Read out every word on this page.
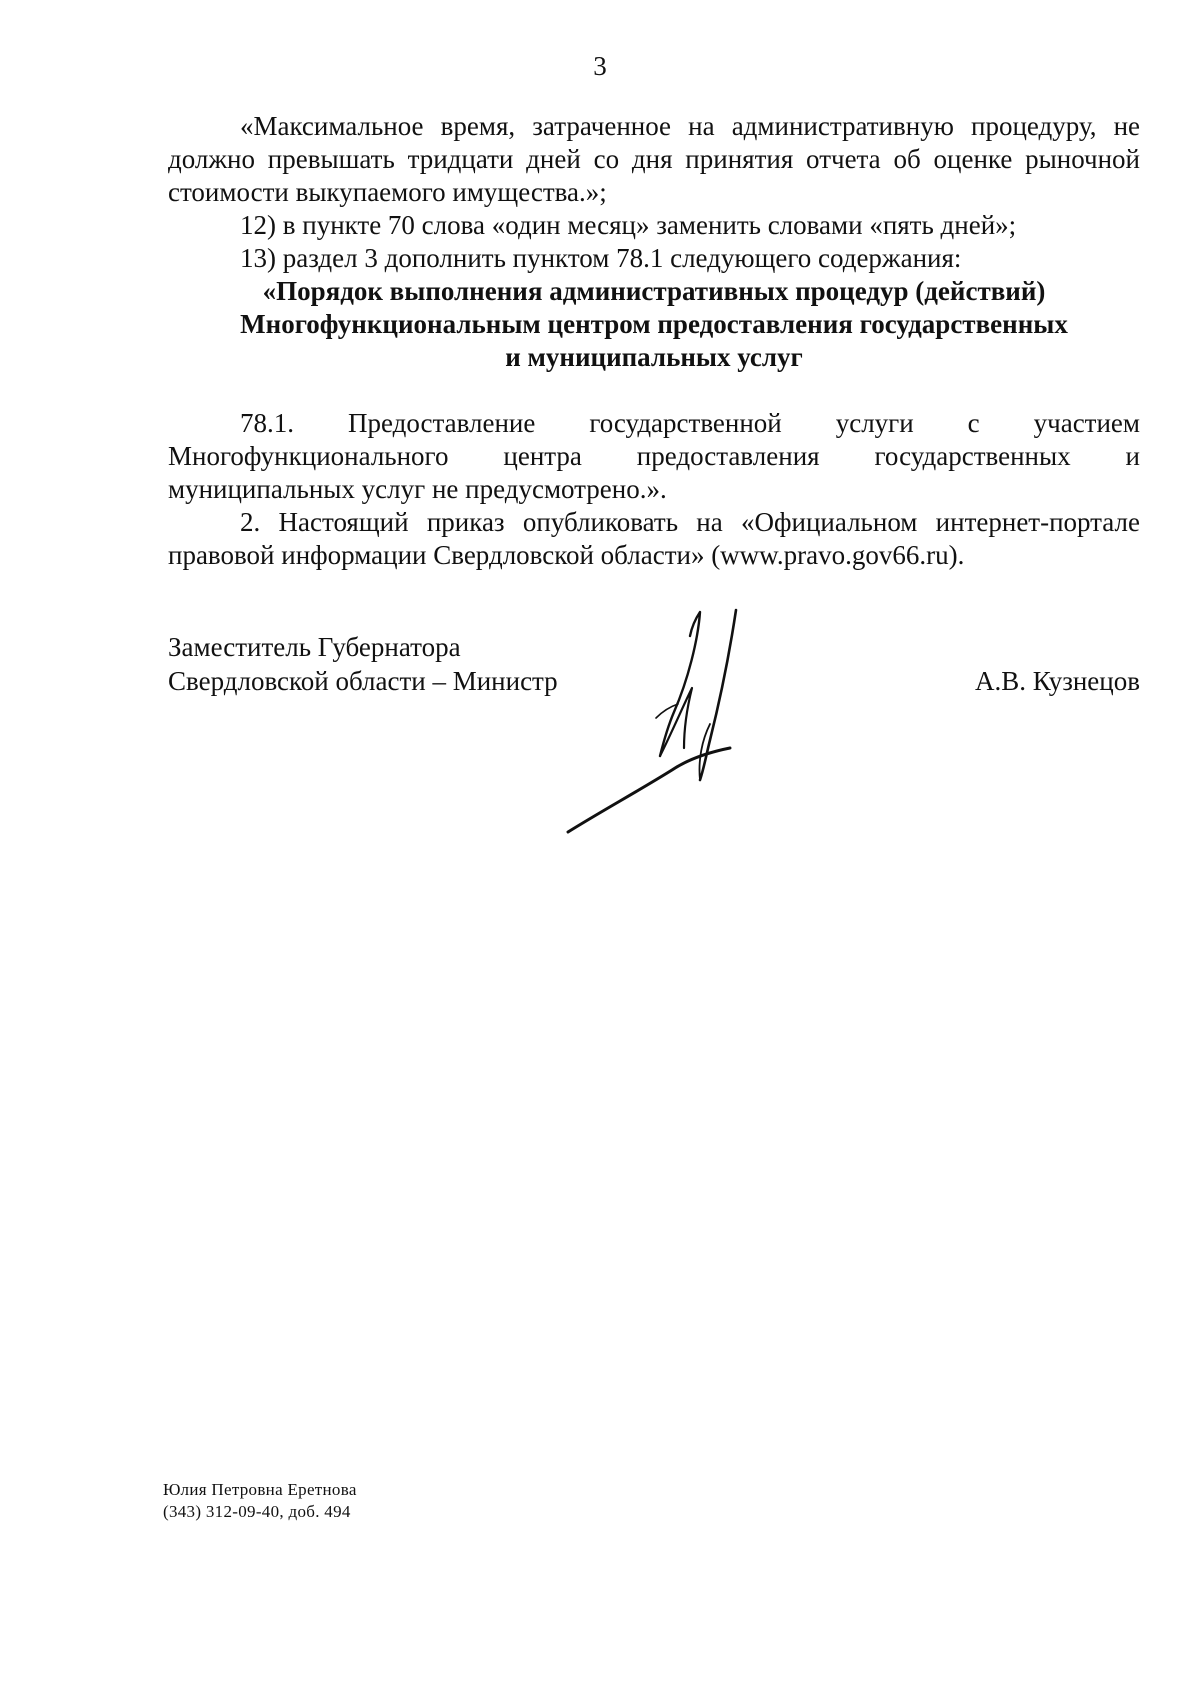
3

«Максимальное время, затраченное на административную процедуру, не должно превышать тридцати дней со дня принятия отчета об оценке рыночной стоимости выкупаемого имущества.»;

12) в пункте 70 слова «один месяц» заменить словами «пять дней»;

13) раздел 3 дополнить пунктом 78.1 следующего содержания:

«Порядок выполнения административных процедур (действий)

Многофункциональным центром предоставления государственных

и муниципальных услуг

78.1. Предоставление государственной услуги с участием Многофункционального центра предоставления государственных и муниципальных услуг не предусмотрено.».

2. Настоящий приказ опубликовать на «Официальном интернет-портале правовой информации Свердловской области» (www.pravo.gov66.ru).

Заместитель Губернатора
Свердловской области – Министр	А.В. Кузнецов
Юлия Петровна Еретнова
(343) 312-09-40, доб. 494
